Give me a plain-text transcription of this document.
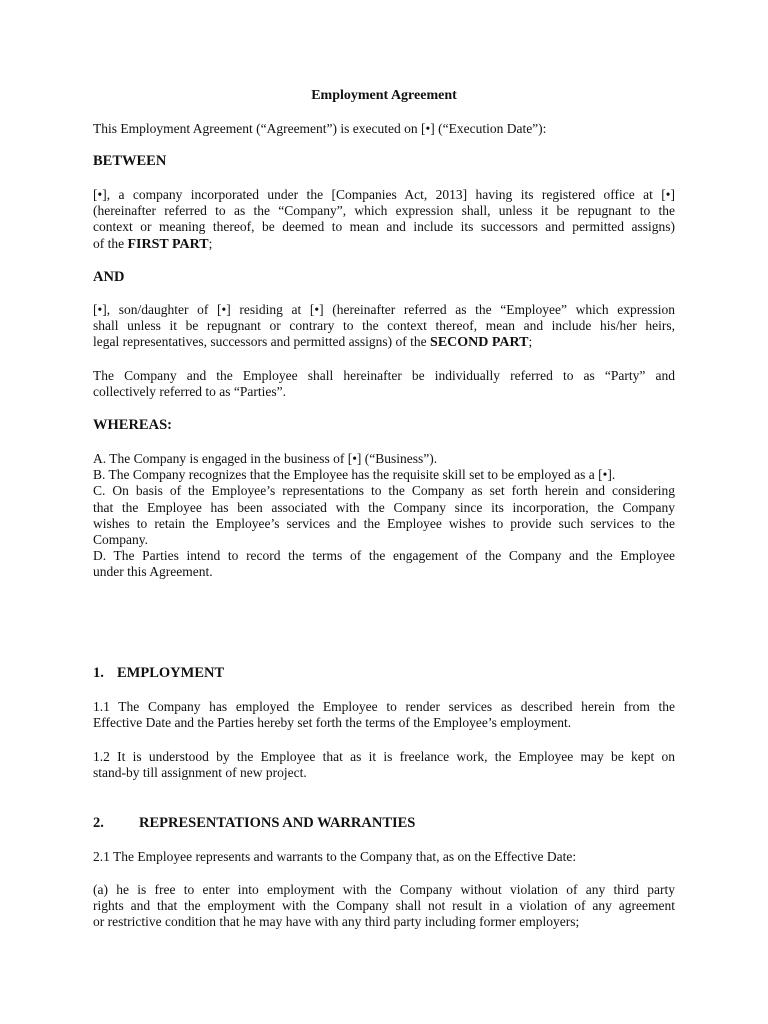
Employment Agreement

This Employment Agreement (“Agreement”) is executed on [•] (“Execution Date”):

BETWEEN

[•], a company incorporated under the [Companies Act, 2013] having its registered office at [•]
(hereinafter referred to as the “Company”, which expression shall, unless it be repugnant to the
context or meaning thereof, be deemed to mean and include its successors and permitted assigns)
of the FIRST PART;

AND

[•], son/daughter of [•] residing at [•] (hereinafter referred as the “Employee” which expression
shall unless it be repugnant or contrary to the context thereof, mean and include his/her heirs,
legal representatives, successors and permitted assigns) of the SECOND PART;

The Company and the Employee shall hereinafter be individually referred to as “Party” and
collectively referred to as “Parties”.

WHEREAS:

A. The Company is engaged in the business of [•] (“Business”).
B. The Company recognizes that the Employee has the requisite skill set to be employed as a [•].
C. On basis of the Employee’s representations to the Company as set forth herein and considering
that the Employee has been associated with the Company since its incorporation, the Company
wishes to retain the Employee’s services and the Employee wishes to provide such services to the
Company.
D. The Parties intend to record the terms of the engagement of the Company and the Employee
under this Agreement.

1. EMPLOYMENT

1.1 The Company has employed the Employee to render services as described herein from the
Effective Date and the Parties hereby set forth the terms of the Employee’s employment.

1.2 It is understood by the Employee that as it is freelance work, the Employee may be kept on
stand-by till assignment of new project.

2. REPRESENTATIONS AND WARRANTIES

2.1 The Employee represents and warrants to the Company that, as on the Effective Date:

(a) he is free to enter into employment with the Company without violation of any third party
rights and that the employment with the Company shall not result in a violation of any agreement
or restrictive condition that he may have with any third party including former employers;
